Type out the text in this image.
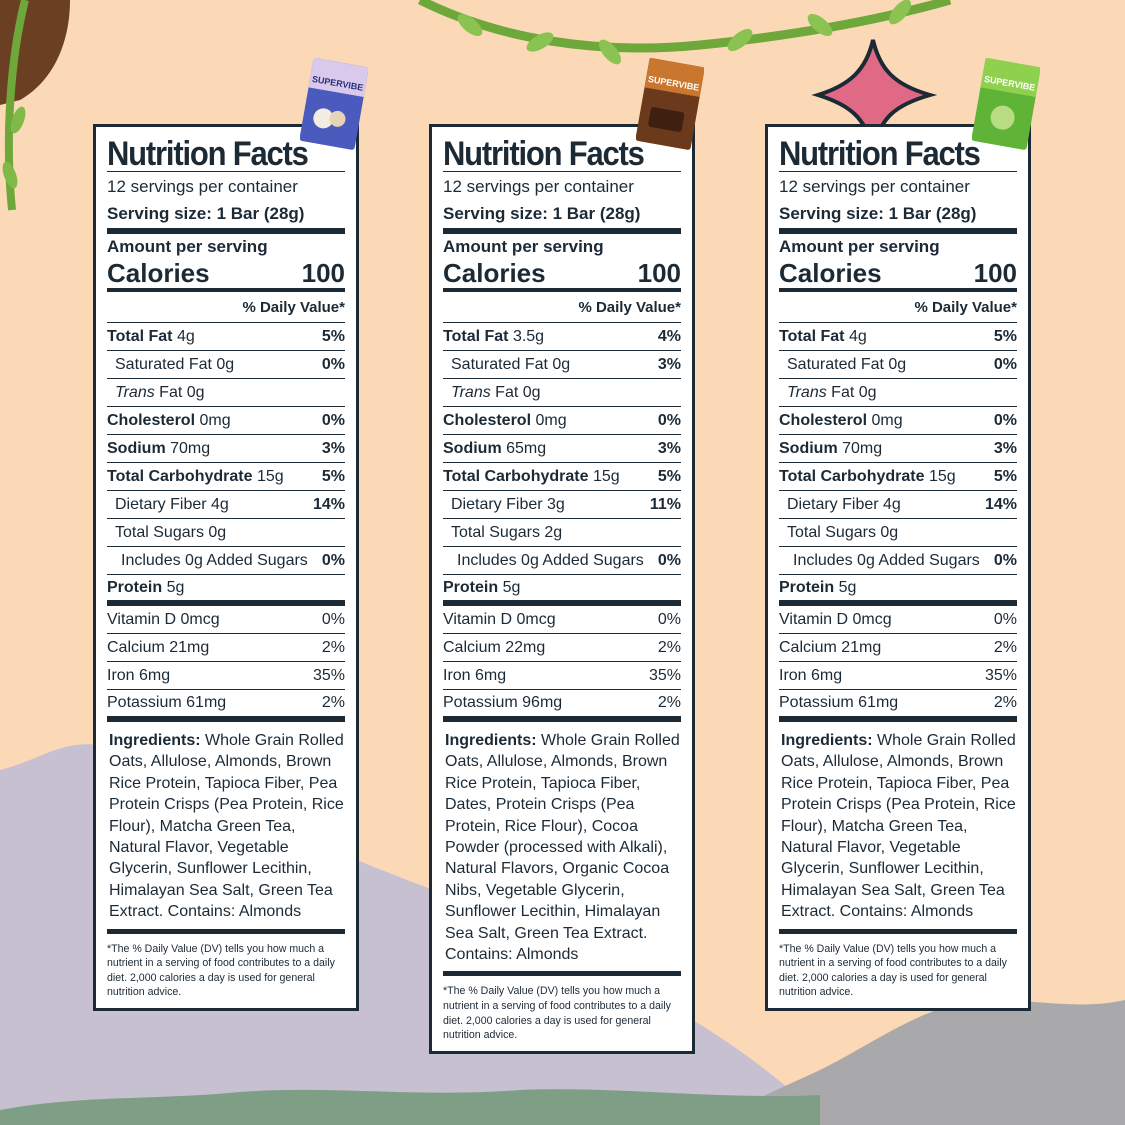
SUPERVIBE	SUPERVIBE	SUPERVIBE
Nutrition Facts
12 servings per container
Serving size: 1 Bar (28g)
Amount per serving
Calories	100
% Daily Value*
Total Fat 4g	5%
Saturated Fat 0g	0%
Trans Fat 0g
Cholesterol 0mg	0%
Sodium 70mg	3%
Total Carbohydrate 15g 5%
Dietary Fiber 4g	14%
Total Sugars 0g
Includes 0g Added Sugars 0%
Protein 5g
Vitamin D 0mcg	0%
Calcium 21mg	2%
Iron 6mg	35%
Potassium 61mg	2%
Ingredients: Whole Grain Rolled Oats, Allulose, Almonds, Brown Rice Protein, Tapioca Fiber, Pea Protein Crisps (Pea Protein, Rice Flour), Matcha Green Tea, Natural Flavor, Vegetable Glycerin, Sunflower Lecithin, Himalayan Sea Salt, Green Tea Extract. Contains: Almonds
*The % Daily Value (DV) tells you how much a nutrient in a serving of food contributes to a daily diet. 2,000 calories a day is used for general nutrition advice.
Nutrition Facts
12 servings per container
Serving size: 1 Bar (28g)
Amount per serving
Calories	100
% Daily Value*
Total Fat 3.5g	4%
Saturated Fat 0g	3%
Trans Fat 0g
Cholesterol 0mg	0%
Sodium 65mg	3%
Total Carbohydrate 15g 5%
Dietary Fiber 3g	11%
Total Sugars 2g
Includes 0g Added Sugars 0%
Protein 5g
Vitamin D 0mcg	0%
Calcium 22mg	2%
Iron 6mg	35%
Potassium 96mg	2%
Ingredients: Whole Grain Rolled Oats, Allulose, Almonds, Brown Rice Protein, Tapioca Fiber, Dates, Protein Crisps (Pea Protein, Rice Flour), Cocoa Powder (processed with Alkali), Natural Flavors, Organic Cocoa Nibs, Vegetable Glycerin, Sunflower Lecithin, Himalayan Sea Salt, Green Tea Extract. Contains: Almonds
*The % Daily Value (DV) tells you how much a nutrient in a serving of food contributes to a daily diet. 2,000 calories a day is used for general nutrition advice.
Nutrition Facts
12 servings per container
Serving size: 1 Bar (28g)
Amount per serving
Calories	100
% Daily Value*
Total Fat 4g	5%
Saturated Fat 0g	0%
Trans Fat 0g
Cholesterol 0mg	0%
Sodium 70mg	3%
Total Carbohydrate 15g 5%
Dietary Fiber 4g	14%
Total Sugars 0g
Includes 0g Added Sugars 0%
Protein 5g
Vitamin D 0mcg	0%
Calcium 21mg	2%
Iron 6mg	35%
Potassium 61mg	2%
Ingredients: Whole Grain Rolled Oats, Allulose, Almonds, Brown Rice Protein, Tapioca Fiber, Pea Protein Crisps (Pea Protein, Rice Flour), Matcha Green Tea, Natural Flavor, Vegetable Glycerin, Sunflower Lecithin, Himalayan Sea Salt, Green Tea Extract. Contains: Almonds
*The % Daily Value (DV) tells you how much a nutrient in a serving of food contributes to a daily diet. 2,000 calories a day is used for general nutrition advice.
